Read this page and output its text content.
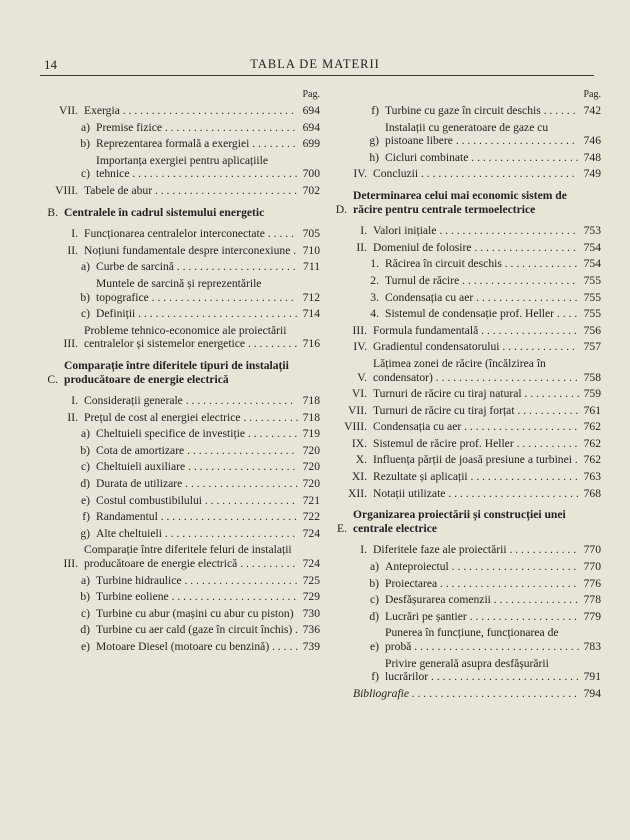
14	TABLA DE MATERII
Pag.
VII. Exergia . . . . . . . . . . . . . . . . . . . . . . . . . . . . . . 694
a) Premise fizice . . . . . . . . . . . . . . . . . . . . . . . 694
b) Reprezentarea formală a exergiei . . . . . . . . 699
c)
Importanța exergiei pentru aplicațiile tehnice . . . . . . . . . . . . . . . . . . . . . . . . . . . . . 700
VIII. Tabele de abur . . . . . . . . . . . . . . . . . . . . . . . . . 702
B. Centralele în cadrul sistemului energetic
I. Funcționarea centralelor interconectate . . . . . 705
II. Noțiuni fundamentale despre interconexiune . 710
a) Curbe de sarcină . . . . . . . . . . . . . . . . . . . . . 711
b)
Muntele de sarcină și reprezentările topografice . . . . . . . . . . . . . . . . . . . . . . . . . 712
c) Definiții . . . . . . . . . . . . . . . . . . . . . . . . . . . . 714
III.
Probleme tehnico-economice ale proiectării centralelor și sistemelor energetice . . . . . . . . . 716
C.
Comparație între diferitele tipuri de instalații producătoare de energie electrică
I. Considerații generale . . . . . . . . . . . . . . . . . . . 718
II. Prețul de cost al energiei electrice . . . . . . . . . . 718
a) Cheltuieli specifice de investiție . . . . . . . . . 719
b) Cota de amortizare . . . . . . . . . . . . . . . . . . . 720
c) Cheltuieli auxiliare . . . . . . . . . . . . . . . . . . . 720
d) Durata de utilizare . . . . . . . . . . . . . . . . . . . . 720
e) Costul combustibilului . . . . . . . . . . . . . . . . 721
f) Randamentul . . . . . . . . . . . . . . . . . . . . . . . . 722
g) Alte cheltuieli . . . . . . . . . . . . . . . . . . . . . . . 724
III.
Comparație între diferitele feluri de instalații producătoare de energie electrică . . . . . . . . . . 724
a) Turbine hidraulice . . . . . . . . . . . . . . . . . . . . 725
b) Turbine eoliene . . . . . . . . . . . . . . . . . . . . . . 729
c) Turbine cu abur (mașini cu abur cu piston) 730
d) Turbine cu aer cald (gaze în circuit închis) . 736
e) Motoare Diesel (motoare cu benzină) . . . . . 739
Pag.
f) Turbine cu gaze în circuit deschis . . . . . . 742
g)
Instalații cu generatoare de gaze cu pistoane libere . . . . . . . . . . . . . . . . . . . . . 746
h) Cicluri combinate . . . . . . . . . . . . . . . . . . . 748
IV. Concluzii . . . . . . . . . . . . . . . . . . . . . . . . . . . 749
D.
Determinarea celui mai economic sistem de răcire pentru centrale termoelectrice
I. Valori inițiale . . . . . . . . . . . . . . . . . . . . . . . . 753
II. Domeniul de folosire . . . . . . . . . . . . . . . . . . 754
1. Răcirea în circuit deschis . . . . . . . . . . . . . 754
2. Turnul de răcire . . . . . . . . . . . . . . . . . . . . 755
3. Condensația cu aer . . . . . . . . . . . . . . . . . . 755
4. Sistemul de condensație prof. Heller . . . . 755
III. Formula fundamentală . . . . . . . . . . . . . . . . . 756
IV. Gradientul condensatorului . . . . . . . . . . . . . 757
V.
Lățimea zonei de răcire (încălzirea în condensator) . . . . . . . . . . . . . . . . . . . . . . . . . 758
VI. Turnuri de răcire cu tiraj natural . . . . . . . . . . 759
VII. Turnuri de răcire cu tiraj forțat . . . . . . . . . . . 761
VIII. Condensația cu aer . . . . . . . . . . . . . . . . . . . . 762
IX. Sistemul de răcire prof. Heller . . . . . . . . . . . 762
X. Influența părții de joasă presiune a turbinei . 762
XI. Rezultate și aplicații . . . . . . . . . . . . . . . . . . . 763
XII. Notații utilizate . . . . . . . . . . . . . . . . . . . . . . . 768
E.
Organizarea proiectării și construcției unei centrale electrice
I. Diferitele faze ale proiectării . . . . . . . . . . . . 770
a) Anteproiectul . . . . . . . . . . . . . . . . . . . . . . 770
b) Proiectarea . . . . . . . . . . . . . . . . . . . . . . . . 776
c) Desfășurarea comenzii . . . . . . . . . . . . . . . 778
d) Lucrări pe șantier . . . . . . . . . . . . . . . . . . . 779
e)
Punerea în funcțiune, funcționarea de probă . . . . . . . . . . . . . . . . . . . . . . . . . . . . . 783
f)
Privire generală asupra desfășurării lucrărilor . . . . . . . . . . . . . . . . . . . . . . . . . . 791
Bibliografie . . . . . . . . . . . . . . . . . . . . . . . . . . . . . 794
